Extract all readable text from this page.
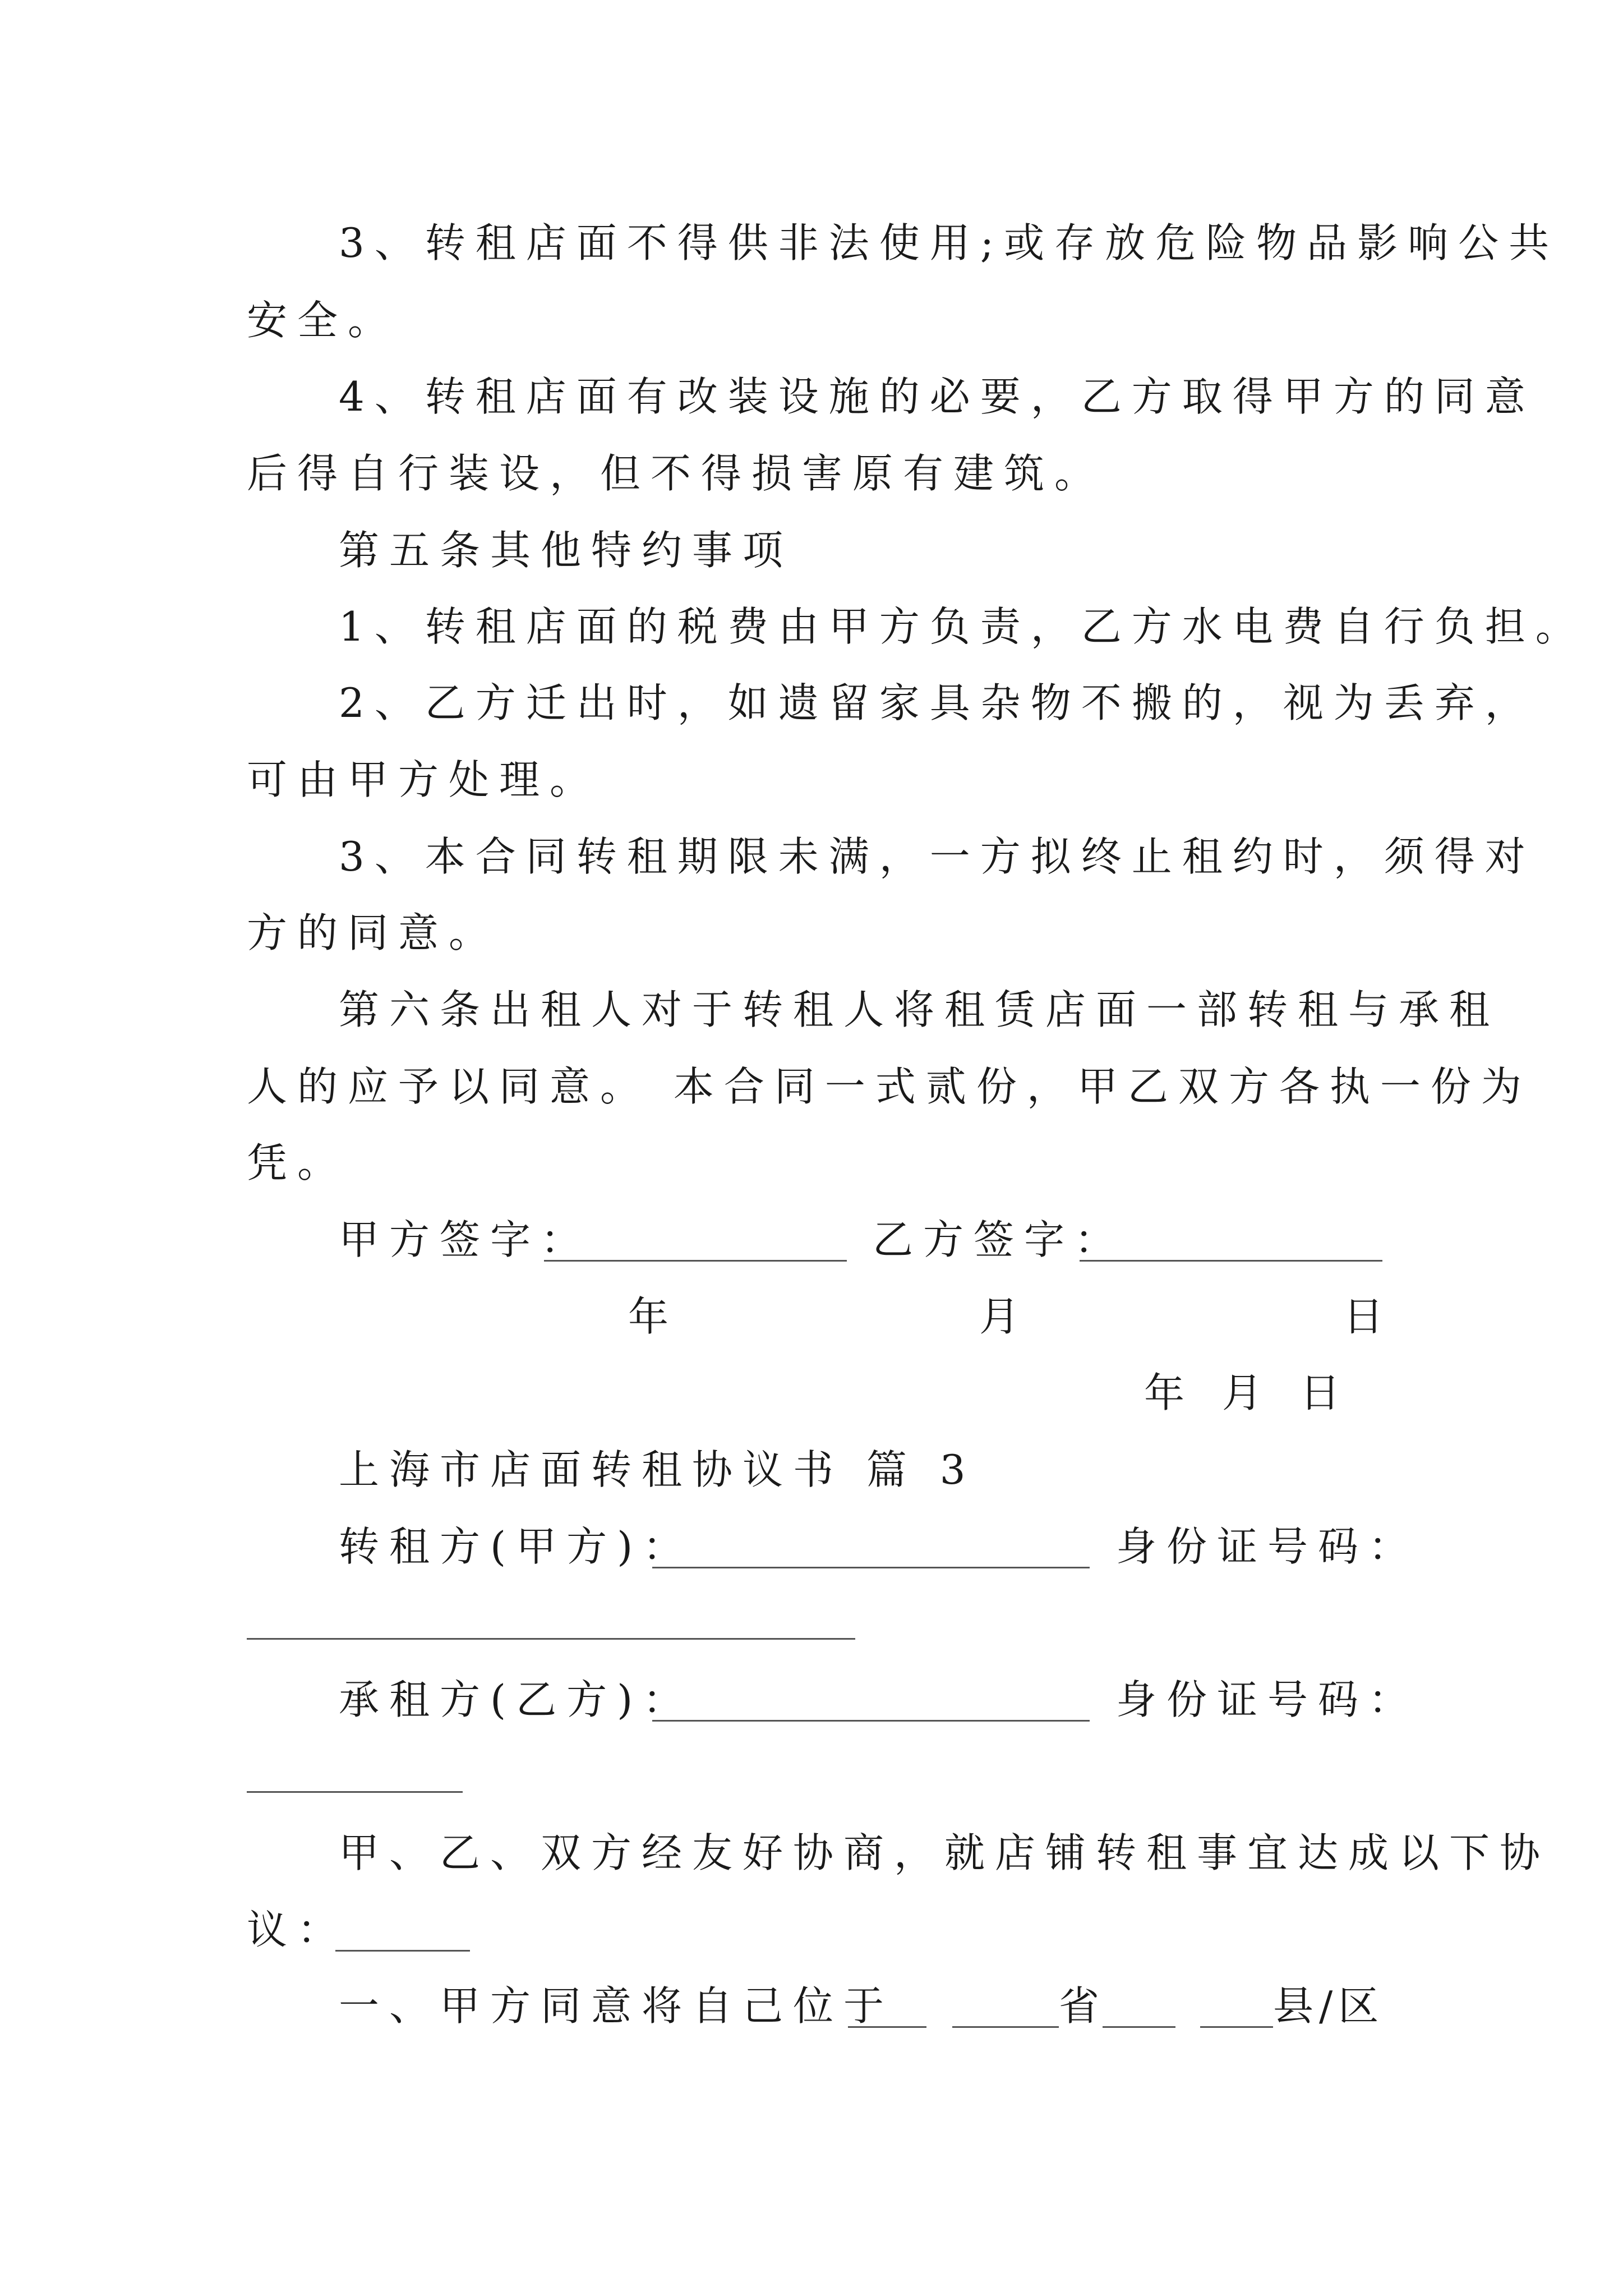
3、转租店面不得供非法使用;或存放危险物品影响公共
安全。
4、转租店面有改装设施的必要，乙方取得甲方的同意
后得自行装设，但不得损害原有建筑。
第五条其他特约事项
1、转租店面的税费由甲方负责，乙方水电费自行负担。
2、乙方迁出时，如遗留家具杂物不搬的，视为丢弃，
可由甲方处理。
3、本合同转租期限未满，一方拟终止租约时，须得对
方的同意。
第六条出租人对于转租人将租赁店面一部转租与承租
人的应予以同意。 本合同一式贰份，甲乙双方各执一份为
凭。
甲方签字：	乙方签字：
年	月	日
年 月 日
上海市店面转租协议书 篇 3
转租方(甲方)：	身份证号码：
承租方(乙方)：	身份证号码：
甲、乙、双方经友好协商，就店铺转租事宜达成以下协
议：
一、甲方同意将自己位于	省	县/区
